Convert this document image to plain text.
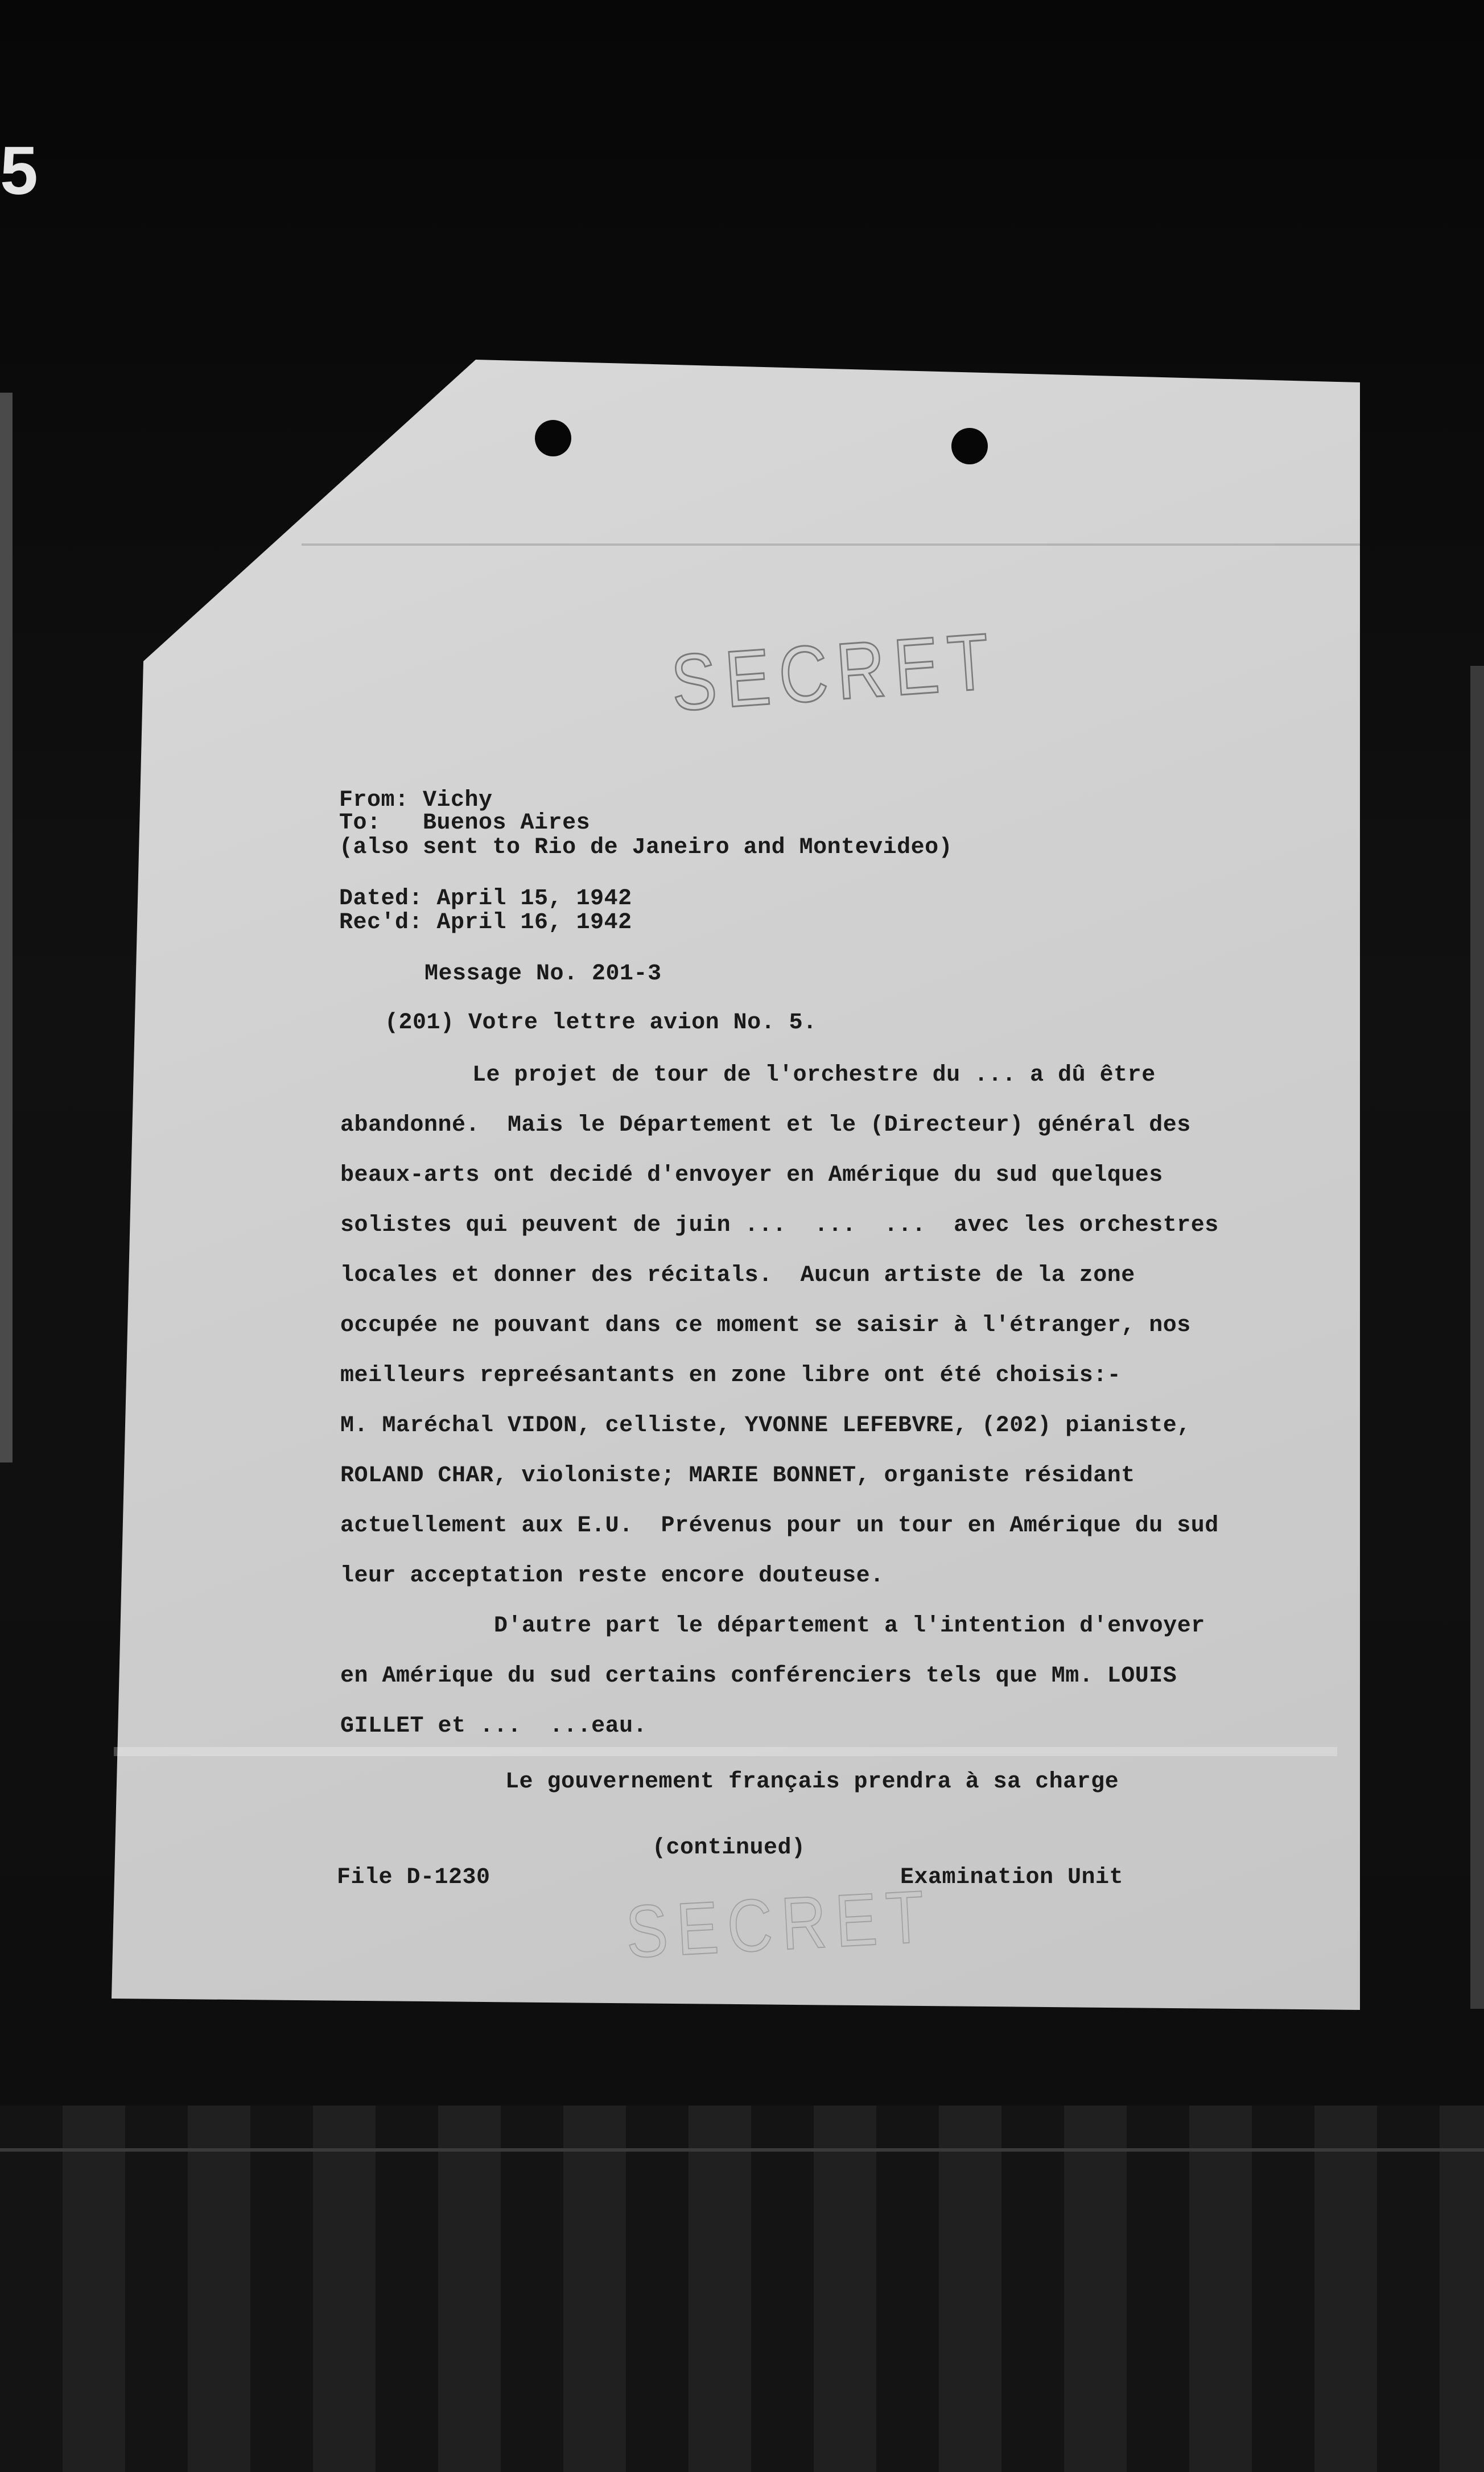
5
SECRET
From: Vichy
To:   Buenos Aires
(also sent to Rio de Janeiro and Montevideo)
Dated: April 15, 1942
Rec'd: April 16, 1942
Message No. 201-3
(201) Votre lettre avion No. 5.
Le projet de tour de l'orchestre du ... a dû être
abandonné.  Mais le Département et le (Directeur) général des
beaux-arts ont decidé d'envoyer en Amérique du sud quelques
solistes qui peuvent de juin ...  ...  ...  avec les orchestres
locales et donner des récitals.  Aucun artiste de la zone
occupée ne pouvant dans ce moment se saisir à l'étranger, nos
meilleurs repreésantants en zone libre ont été choisis:-
M. Maréchal VIDON, celliste, YVONNE LEFEBVRE, (202) pianiste,
ROLAND CHAR, violoniste; MARIE BONNET, organiste résidant
actuellement aux E.U.  Prévenus pour un tour en Amérique du sud
leur acceptation reste encore douteuse.
D'autre part le département a l'intention d'envoyer
en Amérique du sud certains conférenciers tels que Mm. LOUIS
GILLET et ...  ...eau.
Le gouvernement français prendra à sa charge
(continued)
File D-1230	Examination Unit
SECRET
